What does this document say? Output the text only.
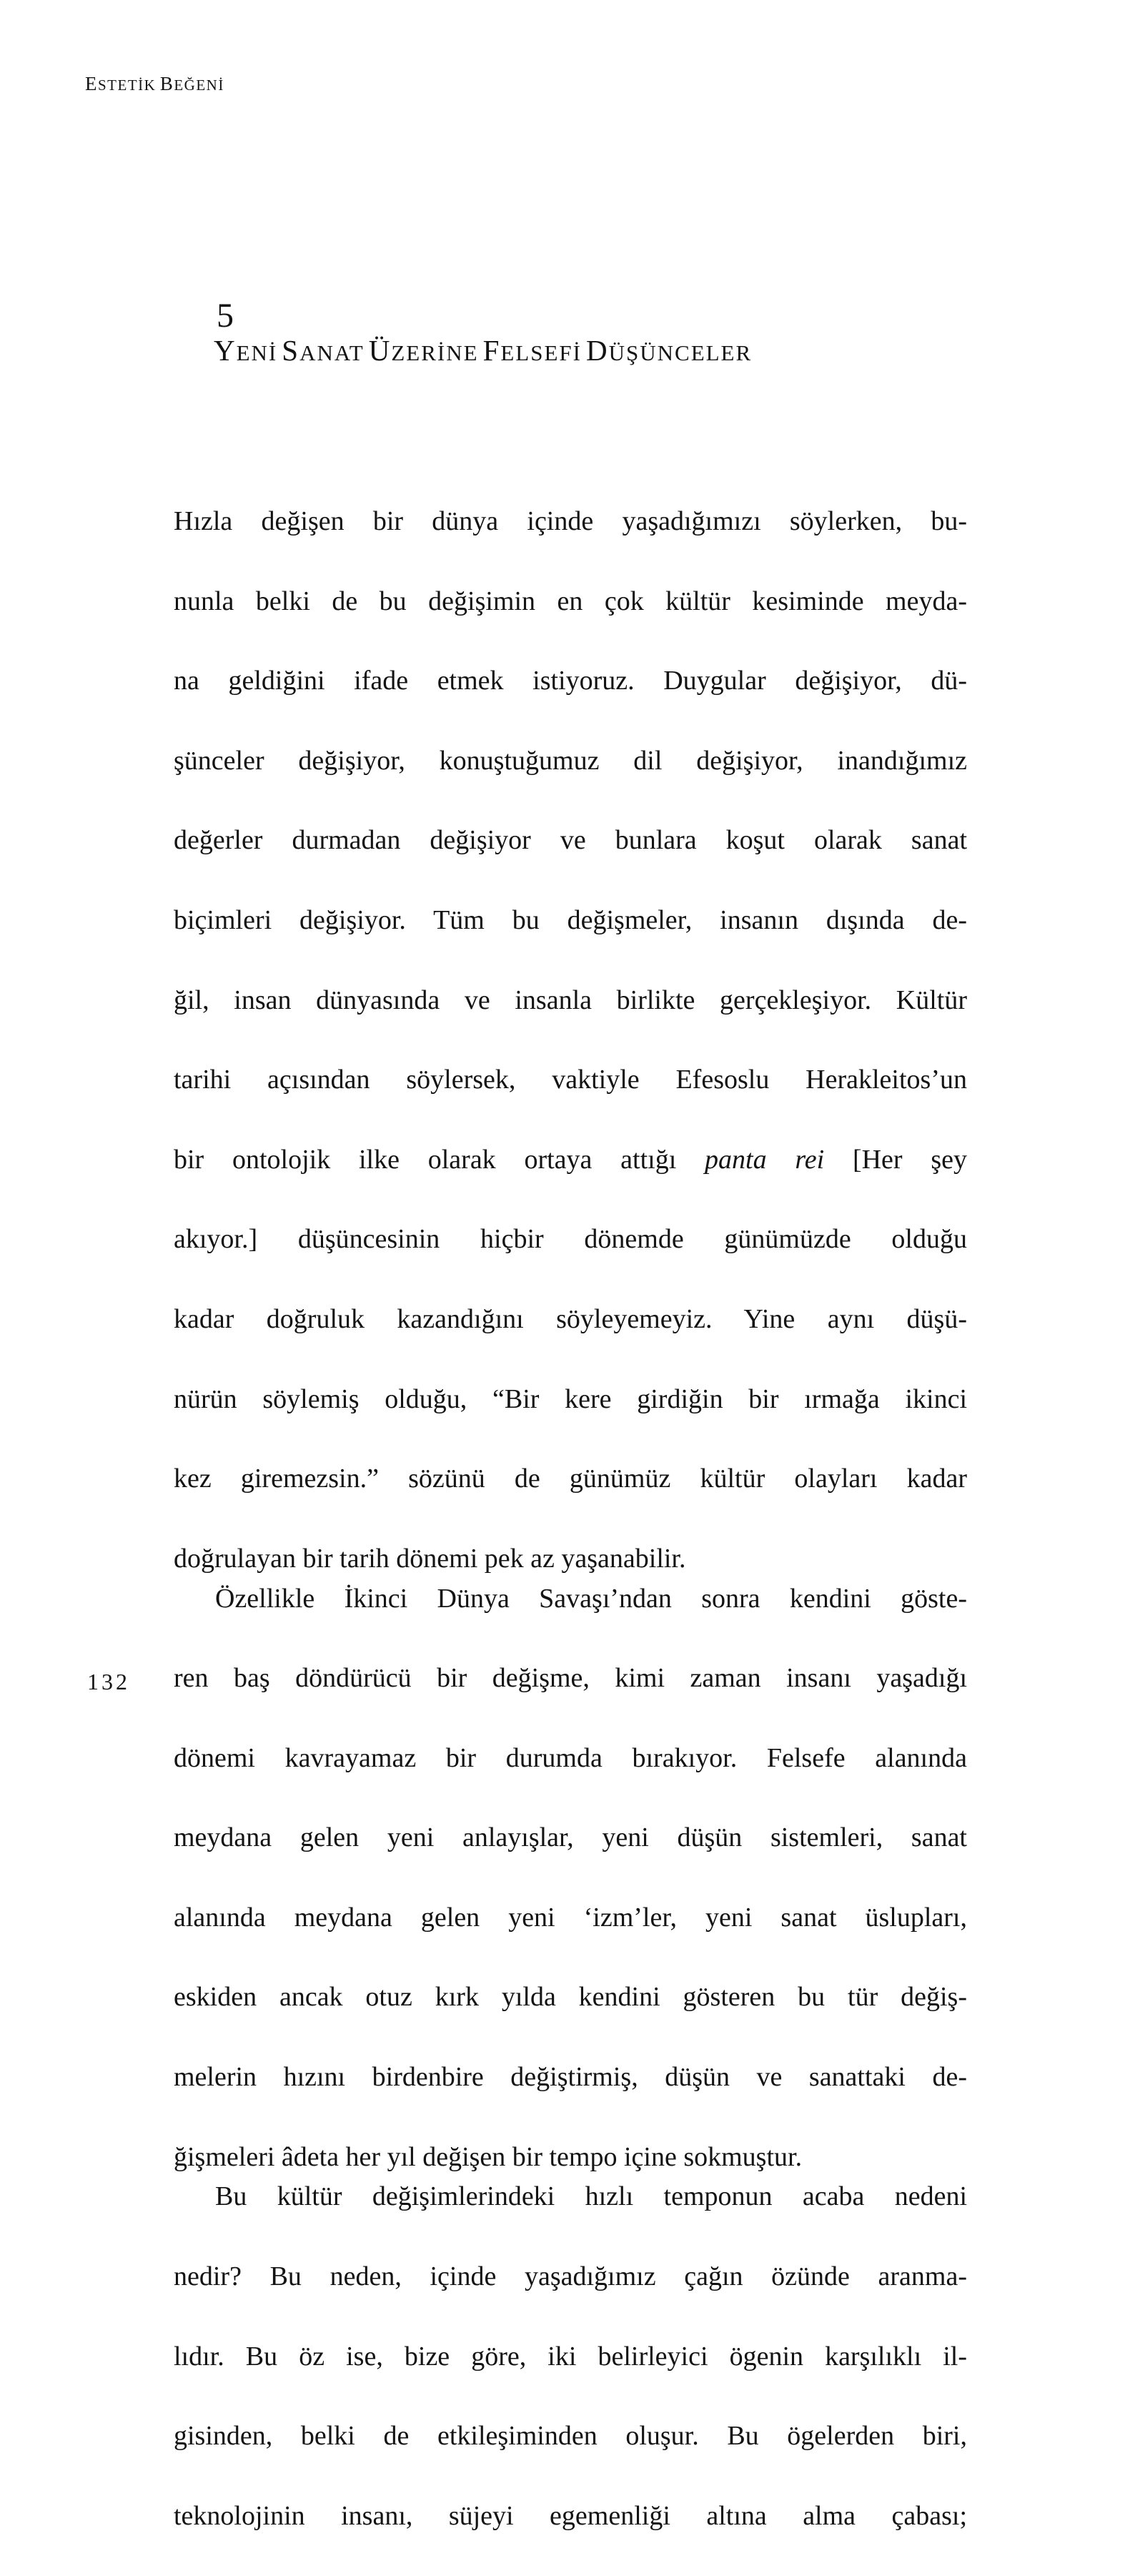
ESTETİK BEĞENİ
5
YENİ SANAT ÜZERİNE FELSEFİ DÜŞÜNCELER
Hızla değişen bir dünya içinde yaşadığımızı söylerken, bu-
nunla belki de bu değişimin en çok kültür kesiminde meyda-
na geldiğini ifade etmek istiyoruz. Duygular değişiyor, dü-
şünceler değişiyor, konuştuğumuz dil değişiyor, inandığımız
değerler durmadan değişiyor ve bunlara koşut olarak sanat
biçimleri değişiyor. Tüm bu değişmeler, insanın dışında de-
ğil, insan dünyasında ve insanla birlikte gerçekleşiyor. Kültür
tarihi açısından söylersek, vaktiyle Efesoslu Herakleitos’un
bir ontolojik ilke olarak ortaya attığı panta rei [Her şey
akıyor.] düşüncesinin hiçbir dönemde günümüzde olduğu
kadar doğruluk kazandığını söyleyemeyiz. Yine aynı düşü-
nürün söylemiş olduğu, “Bir kere girdiğin bir ırmağa ikinci
kez giremezsin.” sözünü de günümüz kültür olayları kadar
doğrulayan bir tarih dönemi pek az yaşanabilir.
Özellikle İkinci Dünya Savaşı’ndan sonra kendini göste-
ren baş döndürücü bir değişme, kimi zaman insanı yaşadığı
dönemi kavrayamaz bir durumda bırakıyor. Felsefe alanında
meydana gelen yeni anlayışlar, yeni düşün sistemleri, sanat
alanında meydana gelen yeni ‘izm’ler, yeni sanat üslupları,
eskiden ancak otuz kırk yılda kendini gösteren bu tür değiş-
melerin hızını birdenbire değiştirmiş, düşün ve sanattaki de-
ğişmeleri âdeta her yıl değişen bir tempo içine sokmuştur.
Bu kültür değişimlerindeki hızlı temponun acaba nedeni
nedir? Bu neden, içinde yaşadığımız çağın özünde aranma-
lıdır. Bu öz ise, bize göre, iki belirleyici ögenin karşılıklı il-
gisinden, belki de etkileşiminden oluşur. Bu ögelerden biri,
teknolojinin insanı, süjeyi egemenliği altına alma çabası;
132
